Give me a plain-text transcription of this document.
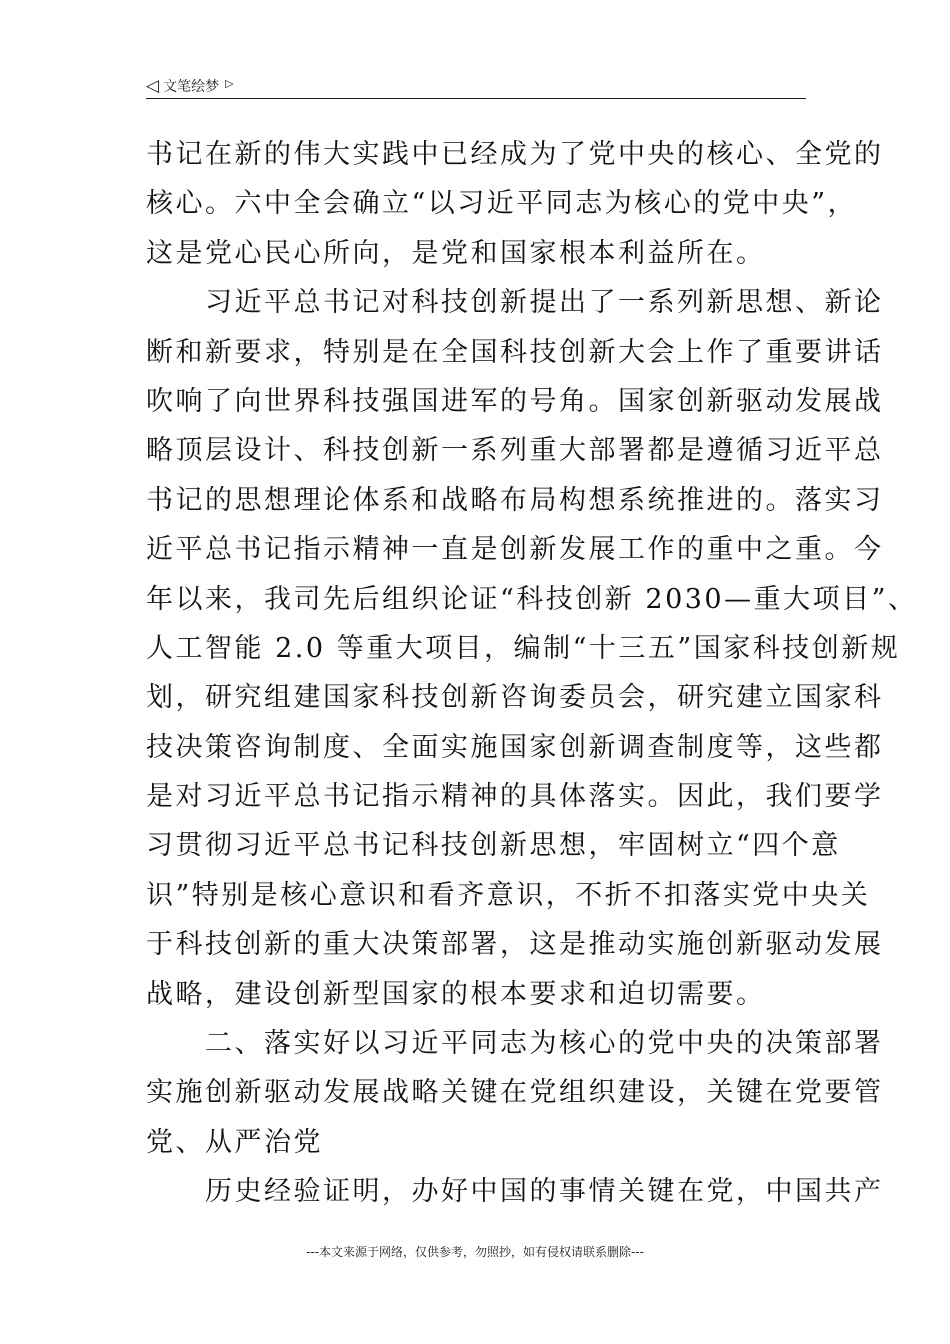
◁ 文笔绘梦 ▷
书记在新的伟大实践中已经成为了党中央的核心、全党的
核心。六中全会确立“以习近平同志为核心的党中央”，
这是党心民心所向，是党和国家根本利益所在。
　　习近平总书记对科技创新提出了一系列新思想、新论
断和新要求，特别是在全国科技创新大会上作了重要讲话
吹响了向世界科技强国进军的号角。国家创新驱动发展战
略顶层设计、科技创新一系列重大部署都是遵循习近平总
书记的思想理论体系和战略布局构想系统推进的。落实习
近平总书记指示精神一直是创新发展工作的重中之重。今
年以来，我司先后组织论证“科技创新 2030—重大项目”、
人工智能 2.0 等重大项目，编制“十三五”国家科技创新规
划，研究组建国家科技创新咨询委员会，研究建立国家科
技决策咨询制度、全面实施国家创新调查制度等，这些都
是对习近平总书记指示精神的具体落实。因此，我们要学
习贯彻习近平总书记科技创新思想，牢固树立“四个意
识”特别是核心意识和看齐意识，不折不扣落实党中央关
于科技创新的重大决策部署，这是推动实施创新驱动发展
战略，建设创新型国家的根本要求和迫切需要。
　　二、落实好以习近平同志为核心的党中央的决策部署
实施创新驱动发展战略关键在党组织建设，关键在党要管
党、从严治党
　　历史经验证明，办好中国的事情关键在党，中国共产
---本文来源于网络，仅供参考，勿照抄，如有侵权请联系删除---
